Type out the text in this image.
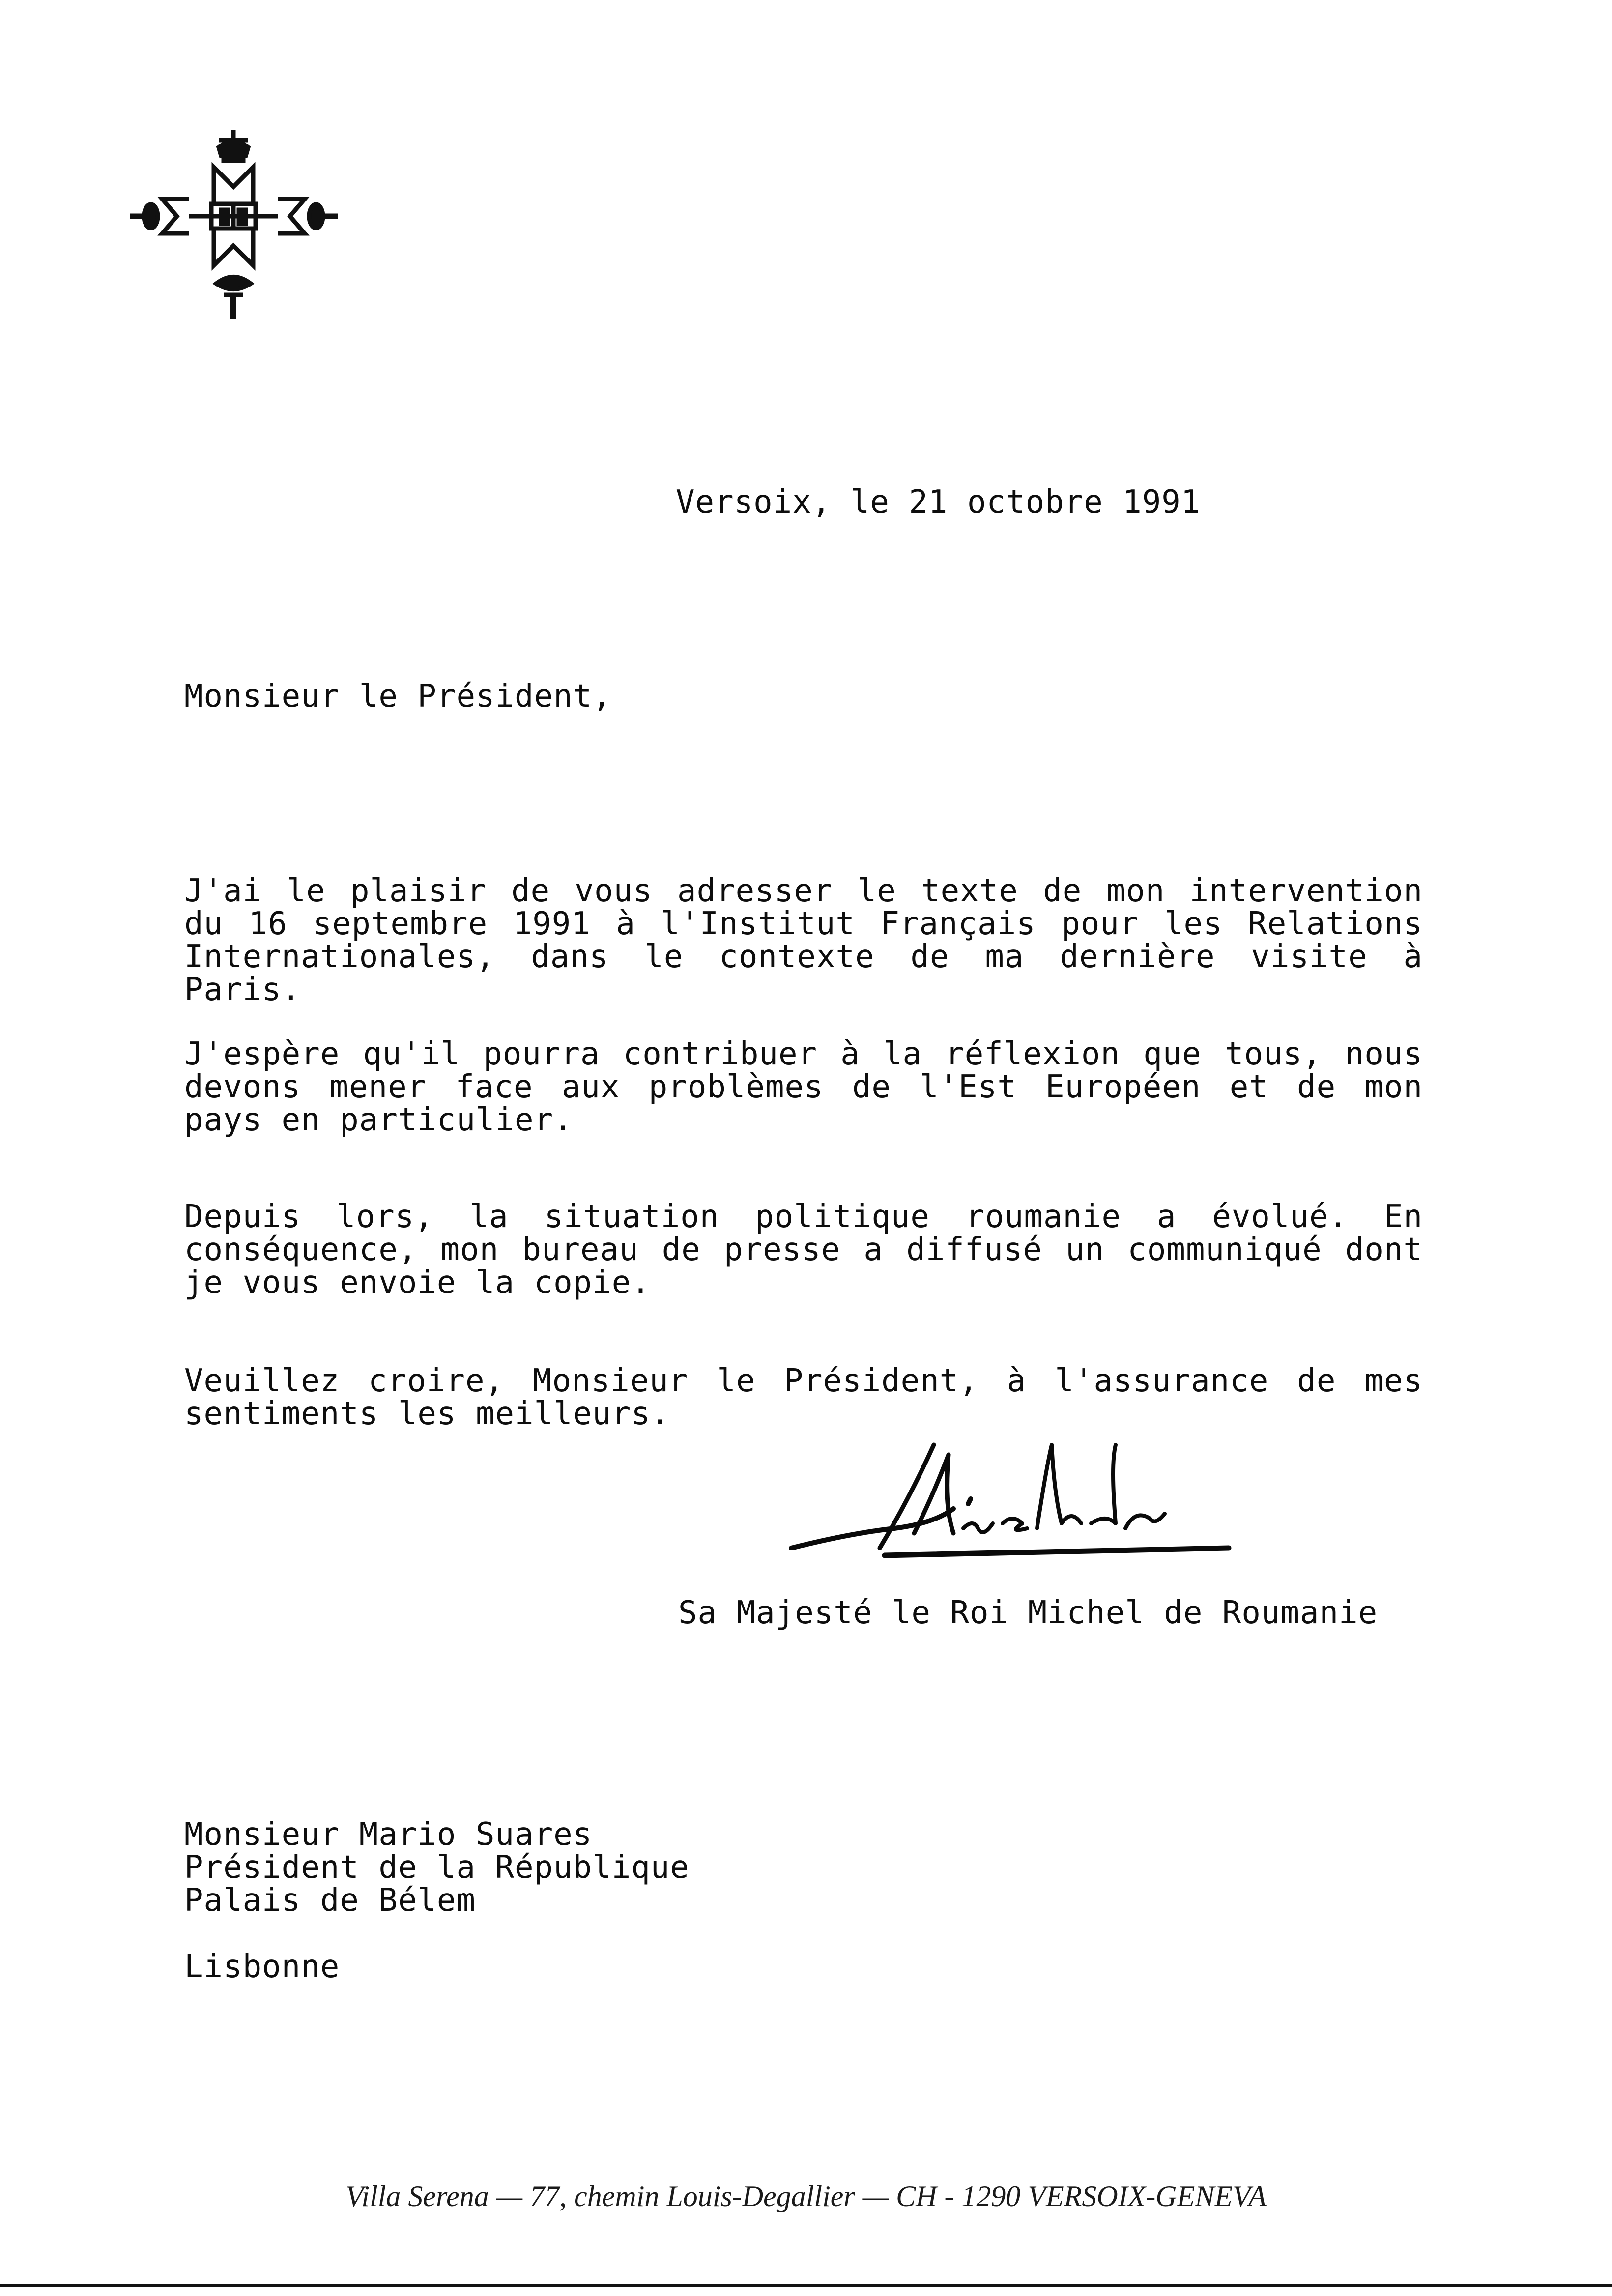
Versoix, le 21 octobre 1991
Monsieur le Président,
J'ai le plaisir de vous adresser le texte de mon intervention du 16 septembre 1991 à l'Institut Français pour les Relations Internationales, dans le contexte de ma dernière visite à Paris.
J'espère qu'il pourra contribuer à la réflexion que tous, nous devons mener face aux problèmes de l'Est Européen et de mon pays en particulier.
Depuis lors, la situation politique roumanie a évolué. En conséquence, mon bureau de presse a diffusé un communiqué dont je vous envoie la copie.
Veuillez croire, Monsieur le Président, à l'assurance de mes sentiments les meilleurs.
Sa Majesté le Roi Michel de Roumanie
Monsieur Mario Suares
Président de la République
Palais de Bélem
Lisbonne
Villa Serena — 77, chemin Louis-Degallier — CH - 1290 VERSOIX-GENEVA
